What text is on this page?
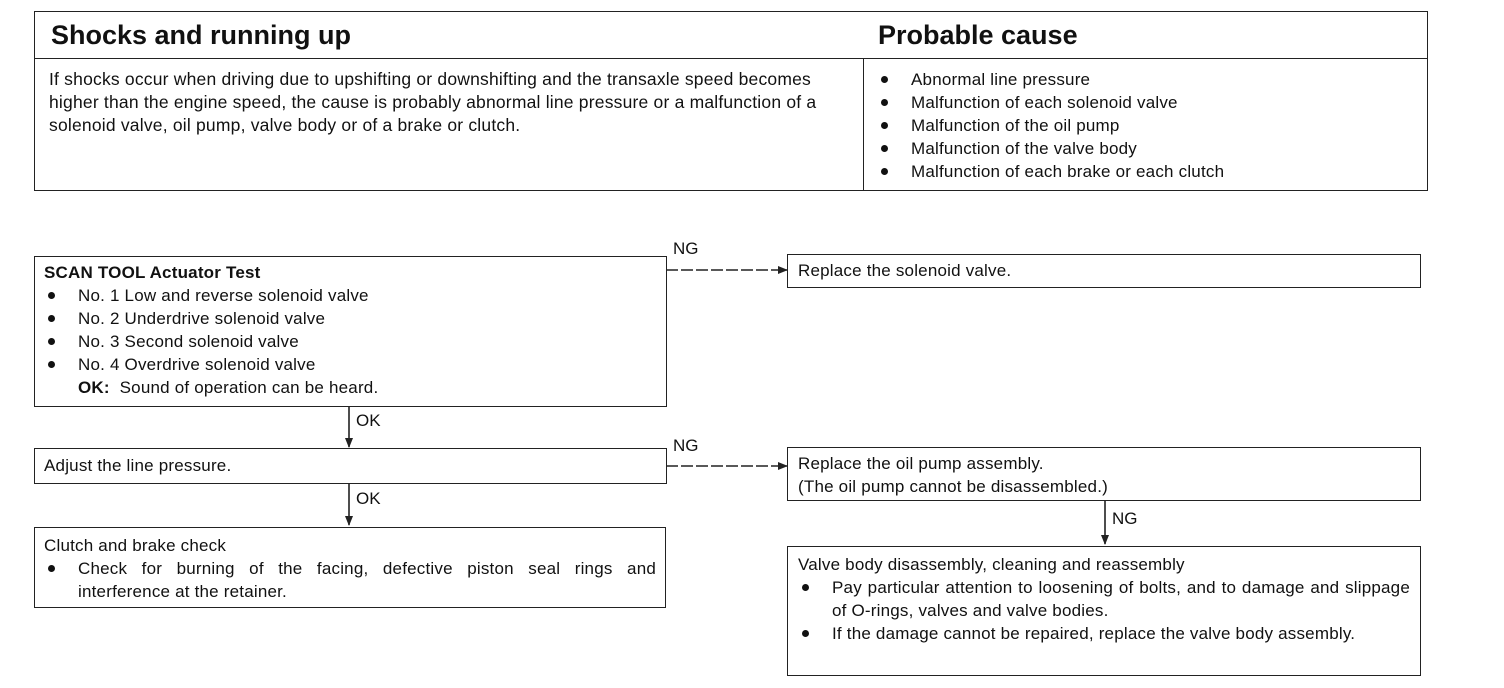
Shocks and running up	Probable cause
If shocks occur when driving due to upshifting or downshifting and the transaxle speed becomes higher than the engine speed, the cause is probably abnormal line pressure or a malfunction of a solenoid valve, oil pump, valve body or of a brake or clutch.
Abnormal line pressure
Malfunction of each solenoid valve
Malfunction of the oil pump
Malfunction of the valve body
Malfunction of each brake or each clutch
SCAN TOOL Actuator Test
No. 1 Low and reverse solenoid valve
No. 2 Underdrive solenoid valve
No. 3 Second solenoid valve
No. 4 Overdrive solenoid valve
OK: Sound of operation can be heard.
NG
Replace the solenoid valve.
OK
Adjust the line pressure.
NG
Replace the oil pump assembly.
(The oil pump cannot be disassembled.)
OK
NG
Clutch and brake check
Check for burning of the facing, defective piston seal rings and interference at the retainer.
Valve body disassembly, cleaning and reassembly
Pay particular attention to loosening of bolts, and to damage and slippage of O-rings, valves and valve bodies.
If the damage cannot be repaired, replace the valve body assembly.
